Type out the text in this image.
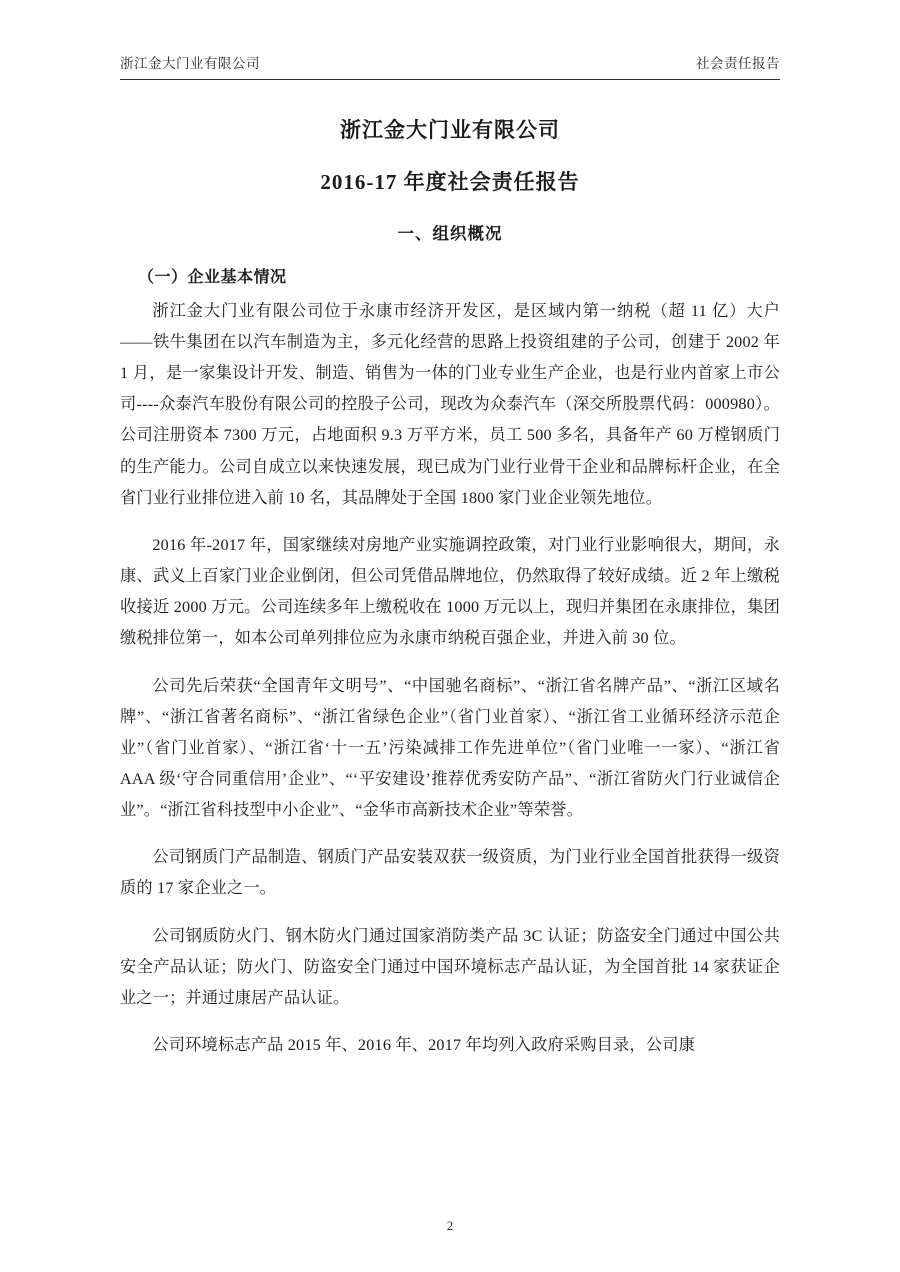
浙江金大门业有限公司	社会责任报告
浙江金大门业有限公司
2016-17 年度社会责任报告
一、组织概况
（一）企业基本情况

浙江金大门业有限公司位于永康市经济开发区，是区域内第一纳税（超 11 亿）大户——铁牛集团在以汽车制造为主，多元化经营的思路上投资组建的子公司，创建于 2002 年 1 月，是一家集设计开发、制造、销售为一体的门业专业生产企业，也是行业内首家上市公司----众泰汽车股份有限公司的控股子公司，现改为众泰汽车（深交所股票代码：000980）。公司注册资本 7300 万元，占地面积 9.3 万平方米，员工 500 多名，具备年产 60 万樘钢质门的生产能力。公司自成立以来快速发展，现已成为门业行业骨干企业和品牌标杆企业，在全省门业行业排位进入前 10 名，其品牌处于全国 1800 家门业企业领先地位。

2016 年-2017 年，国家继续对房地产业实施调控政策，对门业行业影响很大，期间，永康、武义上百家门业企业倒闭，但公司凭借品牌地位，仍然取得了较好成绩。近 2 年上缴税收接近 2000 万元。公司连续多年上缴税收在 1000 万元以上，现归并集团在永康排位，集团缴税排位第一，如本公司单列排位应为永康市纳税百强企业，并进入前 30 位。

公司先后荣获“全国青年文明号”、“中国驰名商标”、“浙江省名牌产品”、“浙江区域名牌”、“浙江省著名商标”、“浙江省绿色企业”（省门业首家）、“浙江省工业循环经济示范企业”（省门业首家）、“浙江省‘十一五’污染减排工作先进单位”（省门业唯一一家）、“浙江省 AAA 级‘守合同重信用’企业”、“‘平安建设’推荐优秀安防产品”、“浙江省防火门行业诚信企业”。“浙江省科技型中小企业”、“金华市高新技术企业”等荣誉。

公司钢质门产品制造、钢质门产品安装双获一级资质，为门业行业全国首批获得一级资质的 17 家企业之一。

公司钢质防火门、钢木防火门通过国家消防类产品 3C 认证；防盗安全门通过中国公共安全产品认证；防火门、防盗安全门通过中国环境标志产品认证，为全国首批 14 家获证企业之一；并通过康居产品认证。

公司环境标志产品 2015 年、2016 年、2017 年均列入政府采购目录，公司康

2
